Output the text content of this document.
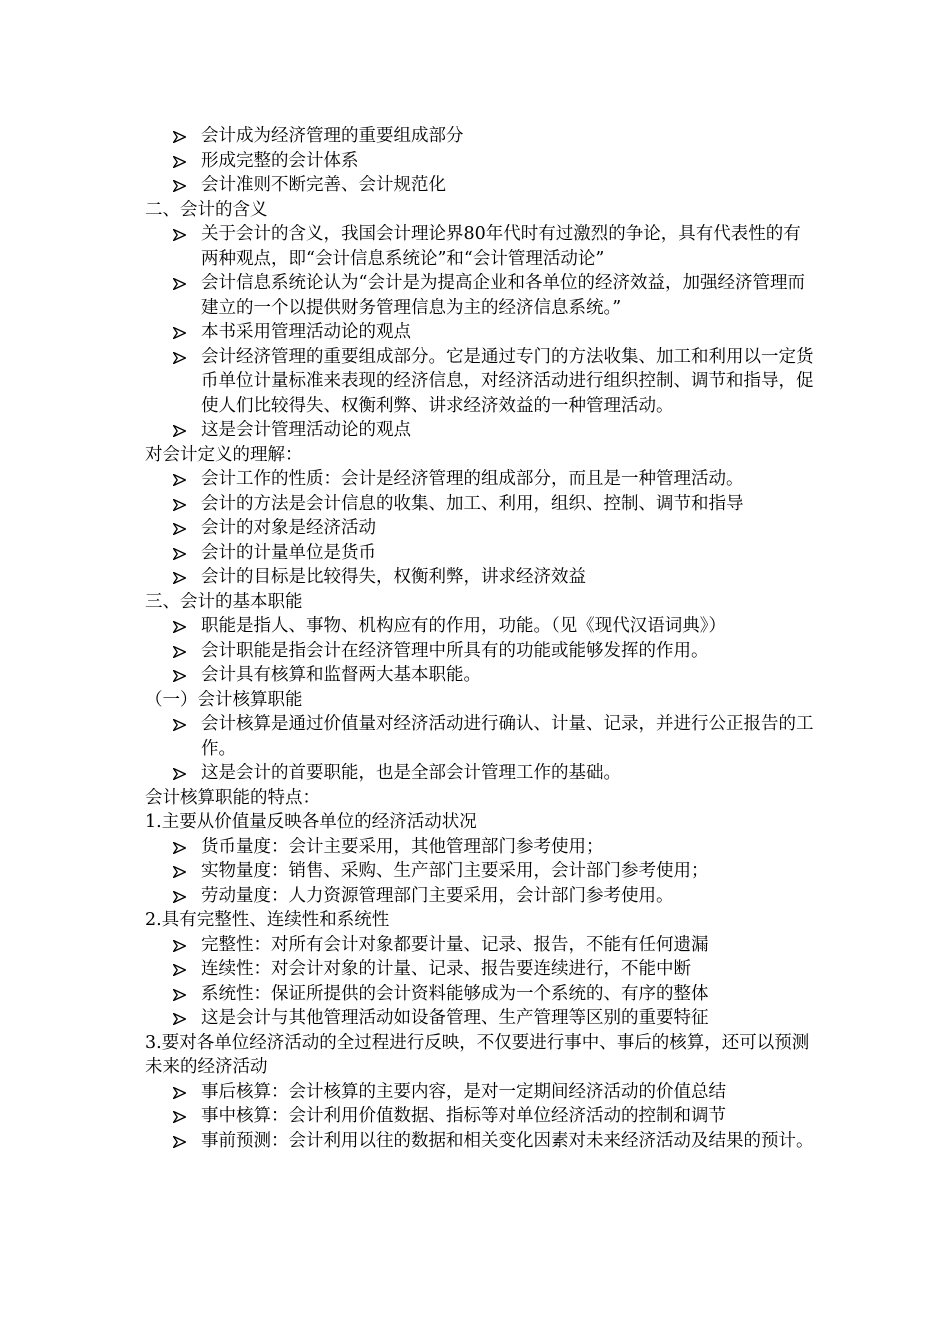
会计成为经济管理的重要组成部分
形成完整的会计体系
会计准则不断完善、会计规范化
二、会计的含义
关于会计的含义，我国会计理论界80年代时有过激烈的争论，具有代表性的有两种观点，即“会计信息系统论”和“会计管理活动论”
会计信息系统论认为“会计是为提高企业和各单位的经济效益，加强经济管理而建立的一个以提供财务管理信息为主的经济信息系统。”
本书采用管理活动论的观点
会计经济管理的重要组成部分。它是通过专门的方法收集、加工和利用以一定货币单位计量标准来表现的经济信息，对经济活动进行组织控制、调节和指导，促使人们比较得失、权衡利弊、讲求经济效益的一种管理活动。
这是会计管理活动论的观点
对会计定义的理解：
会计工作的性质：会计是经济管理的组成部分，而且是一种管理活动。
会计的方法是会计信息的收集、加工、利用，组织、控制、调节和指导
会计的对象是经济活动
会计的计量单位是货币
会计的目标是比较得失，权衡利弊，讲求经济效益
三、会计的基本职能
职能是指人、事物、机构应有的作用，功能。（见《现代汉语词典》）
会计职能是指会计在经济管理中所具有的功能或能够发挥的作用。
会计具有核算和监督两大基本职能。
（一）会计核算职能
会计核算是通过价值量对经济活动进行确认、计量、记录，并进行公正报告的工作。
这是会计的首要职能，也是全部会计管理工作的基础。
会计核算职能的特点：
1.主要从价值量反映各单位的经济活动状况
货币量度：会计主要采用，其他管理部门参考使用；
实物量度：销售、采购、生产部门主要采用，会计部门参考使用；
劳动量度：人力资源管理部门主要采用，会计部门参考使用。
2.具有完整性、连续性和系统性
完整性：对所有会计对象都要计量、记录、报告，不能有任何遗漏
连续性：对会计对象的计量、记录、报告要连续进行，不能中断
系统性：保证所提供的会计资料能够成为一个系统的、有序的整体
这是会计与其他管理活动如设备管理、生产管理等区别的重要特征
3.要对各单位经济活动的全过程进行反映，不仅要进行事中、事后的核算，还可以预测未来的经济活动
事后核算：会计核算的主要内容，是对一定期间经济活动的价值总结
事中核算：会计利用价值数据、指标等对单位经济活动的控制和调节
事前预测：会计利用以往的数据和相关变化因素对未来经济活动及结果的预计。
